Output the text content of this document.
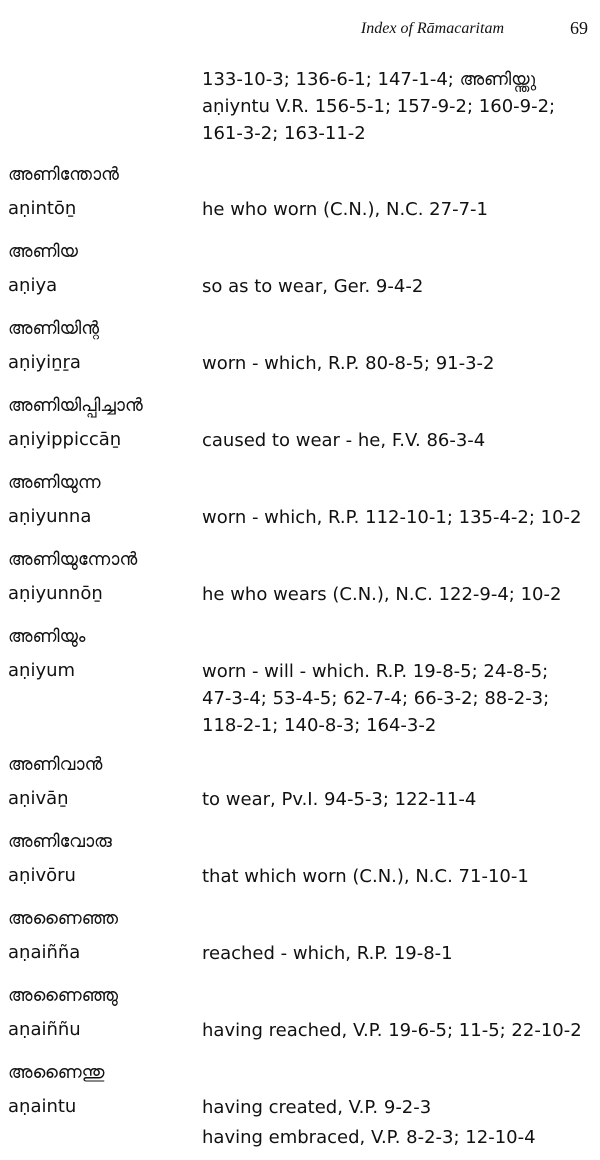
Index of Rāmacaritam	69
133-10-3; 136-6-1; 147-1-4; അണിയ്ന്തു
aṇiyntu V.R. 156-5-1; 157-9-2; 160-9-2;
161-3-2; 163-11-2
അണിന്തോൻ
aṇintōṉ	he who worn (C.N.), N.C. 27-7-1
അണിയ
aṇiya	so as to wear, Ger. 9-4-2
അണിയിന്റ
aṇiyiṉṟa	worn - which, R.P. 80-8-5; 91-3-2
അണിയിപ്പിച്ചാൻ
aṇiyippiccāṉ	caused to wear - he, F.V. 86-3-4
അണിയുന്ന
aṇiyunna	worn - which, R.P. 112-10-1; 135-4-2; 10-2
അണിയുന്നോൻ
aṇiyunnōṉ	he who wears (C.N.), N.C. 122-9-4; 10-2
അണിയും
aṇiyum	worn - will - which. R.P. 19-8-5; 24-8-5;
47-3-4; 53-4-5; 62-7-4; 66-3-2; 88-2-3;
118-2-1; 140-8-3; 164-3-2
അണിവാൻ
aṇivāṉ	to wear, Pv.I. 94-5-3; 122-11-4
അണിവോരു
aṇivōru	that which worn (C.N.), N.C. 71-10-1
അണൈഞ്ഞ
aṇaiñña	reached - which, R.P. 19-8-1
അണൈഞ്ഞു
aṇaiññu	having reached, V.P. 19-6-5; 11-5; 22-10-2
അണൈന്തു
aṇaintu	having created, V.P. 9-2-3
having embraced, V.P. 8-2-3; 12-10-4
